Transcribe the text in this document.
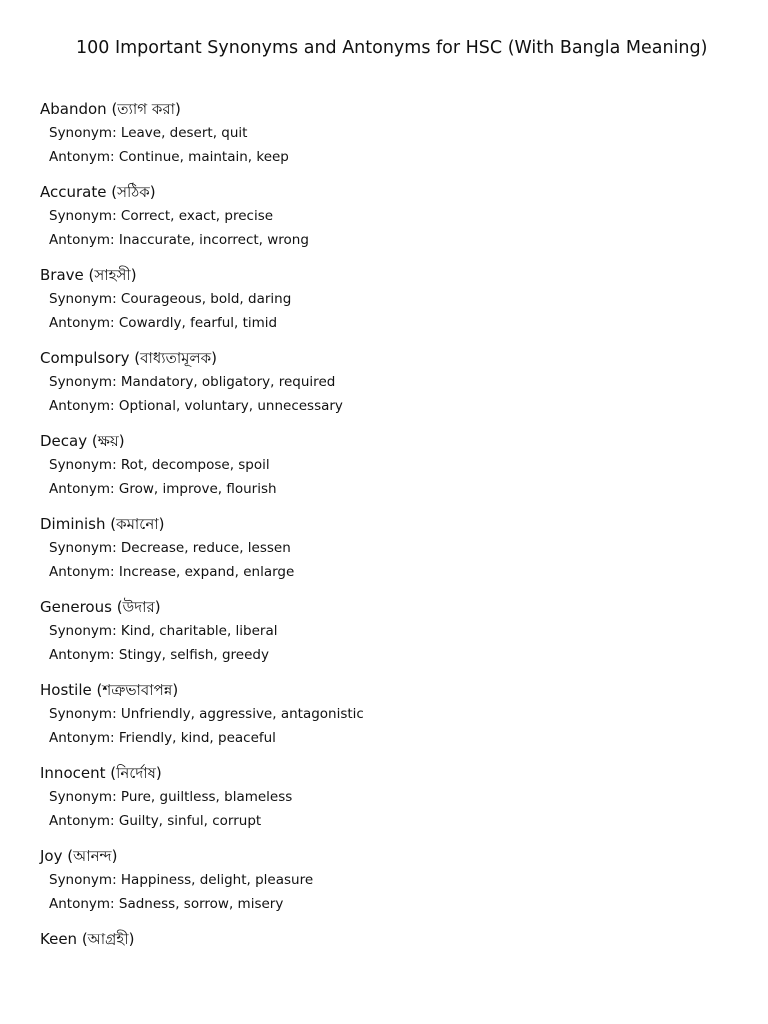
100 Important Synonyms and Antonyms for HSC (With Bangla Meaning)
Abandon (ত্যাগ করা)
Synonym: Leave, desert, quit
Antonym: Continue, maintain, keep
Accurate (সঠিক)
Synonym: Correct, exact, precise
Antonym: Inaccurate, incorrect, wrong
Brave (সাহসী)
Synonym: Courageous, bold, daring
Antonym: Cowardly, fearful, timid
Compulsory (বাধ্যতামূলক)
Synonym: Mandatory, obligatory, required
Antonym: Optional, voluntary, unnecessary
Decay (ক্ষয়)
Synonym: Rot, decompose, spoil
Antonym: Grow, improve, flourish
Diminish (কমানো)
Synonym: Decrease, reduce, lessen
Antonym: Increase, expand, enlarge
Generous (উদার)
Synonym: Kind, charitable, liberal
Antonym: Stingy, selfish, greedy
Hostile (শত্রুভাবাপন্ন)
Synonym: Unfriendly, aggressive, antagonistic
Antonym: Friendly, kind, peaceful
Innocent (নির্দোষ)
Synonym: Pure, guiltless, blameless
Antonym: Guilty, sinful, corrupt
Joy (আনন্দ)
Synonym: Happiness, delight, pleasure
Antonym: Sadness, sorrow, misery
Keen (আগ্রহী)
